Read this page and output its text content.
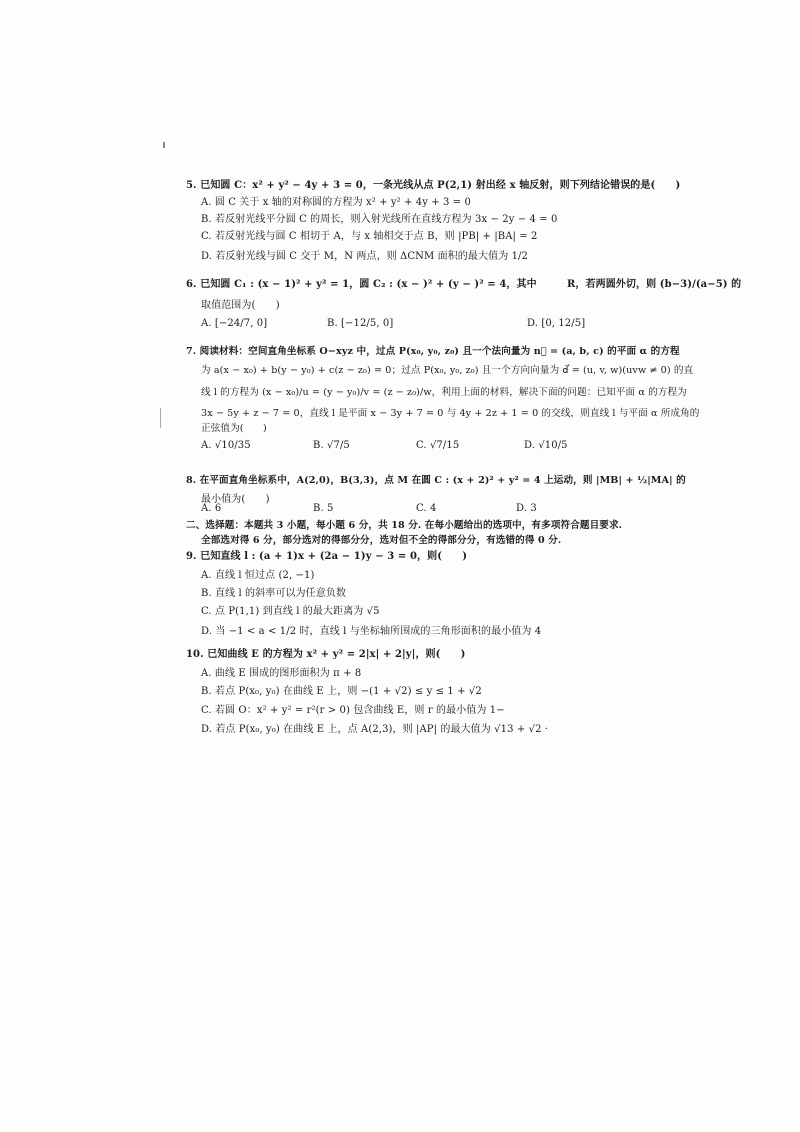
5. 已知圆 C：x² + y² − 4y + 3 = 0，一条光线从点 P(2,1) 射出经 x 轴反射，则下列结论错误的是(　　)
A. 圆 C 关于 x 轴的对称圆的方程为 x² + y² + 4y + 3 = 0
B. 若反射光线平分圆 C 的周长，则入射光线所在直线方程为 3x − 2y − 4 = 0
C. 若反射光线与圆 C 相切于 A，与 x 轴相交于点 B，则 |PB| + |BA| = 2
D. 若反射光线与圆 C 交于 M，N 两点，则 ΔCNM 面积的最大值为 1/2
6. 已知圆 C₁ : (x − 1)² + y² = 1，圆 C₂ : (x − )² + (y − )² = 4，其中　　　R，若两圆外切，则 (b−3)/(a−5) 的
取值范围为(　　)
A. [−24/7, 0]	B. [−12/5, 0]	D. [0, 12/5]
7. 阅读材料：空间直角坐标系 O−xyz 中，过点 P(x₀, y₀, z₀) 且一个法向量为 n⃗ = (a, b, c) 的平面 α 的方程
为 a(x − x₀) + b(y − y₀) + c(z − z₀) = 0；过点 P(x₀, y₀, z₀) 且一个方向向量为 d⃗ = (u, v, w)(uvw ≠ 0) 的直
线 l 的方程为 (x − x₀)/u = (y − y₀)/v = (z − z₀)/w，利用上面的材料，解决下面的问题：已知平面 α 的方程为
3x − 5y + z − 7 = 0，直线 l 是平面 x − 3y + 7 = 0 与 4y + 2z + 1 = 0 的交线，则直线 l 与平面 α 所成角的
正弦值为(　　)
A. √10/35	B. √7/5	C. √7/15	D. √10/5
8. 在平面直角坐标系中，A(2,0)，B(3,3)，点 M 在圆 C : (x + 2)² + y² = 4 上运动，则 |MB| + ½|MA| 的
最小值为(　　)
A. 6	B. 5	C. 4	D. 3
二、选择题：本题共 3 小题，每小题 6 分，共 18 分. 在每小题给出的选项中，有多项符合题目要求.
全部选对得 6 分，部分选对的得部分分，选对但不全的得部分分，有选错的得 0 分.
9. 已知直线 l : (a + 1)x + (2a − 1)y − 3 = 0，则(　　)
A. 直线 l 恒过点 (2, −1)
B. 直线 l 的斜率可以为任意负数
C. 点 P(1,1) 到直线 l 的最大距离为 √5
D. 当 −1 < a < 1/2 时，直线 l 与坐标轴所围成的三角形面积的最小值为 4
10. 已知曲线 E 的方程为 x² + y² = 2|x| + 2|y|，则(　　)
A. 曲线 E 围成的图形面积为 π + 8
B. 若点 P(x₀, y₀) 在曲线 E 上，则 −(1 + √2) ≤ y ≤ 1 + √2
C. 若圆 O：x² + y² = r²(r > 0) 包含曲线 E，则 r 的最小值为 1−
D. 若点 P(x₀, y₀) 在曲线 E 上，点 A(2,3)，则 |AP| 的最大值为 √13 + √2 ·
